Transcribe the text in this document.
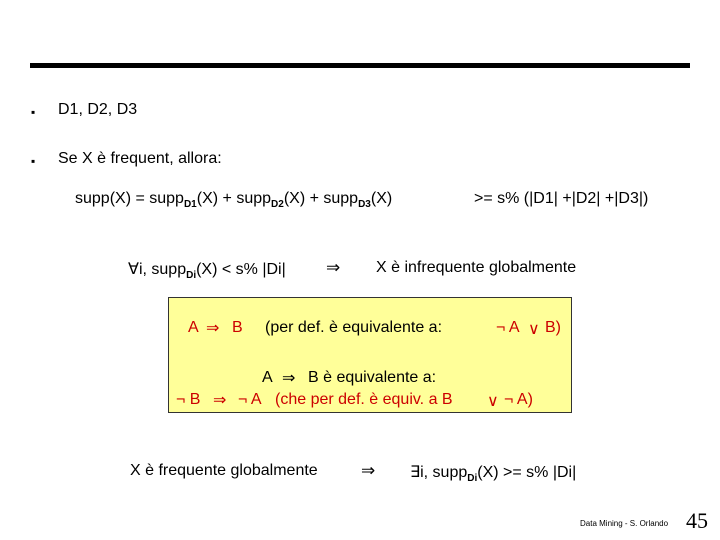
▪ D1, D2, D3
▪ Se X è frequent, allora:
supp(X) = supp$_{D1}$(X) + supp$_{D2}$(X) + supp$_{D3}$(X)	>= s% (|D1| +|D2| +|D3|)
∀i, supp$_{Di}$(X) < s% |Di| ⇒ X è infrequente globalmente
A ⇒ B (per def. è equivalente a:	¬ A ∨ B)
A ⇒ B è equivalente a:
¬ B ⇒ ¬ A (che per def. è equiv. a B ∨ ¬ A)
X è frequente globalmente	⇒ ∃i, supp$_{Di}$(X) >= s% |Di|
Data Mining - S. Orlando 45
